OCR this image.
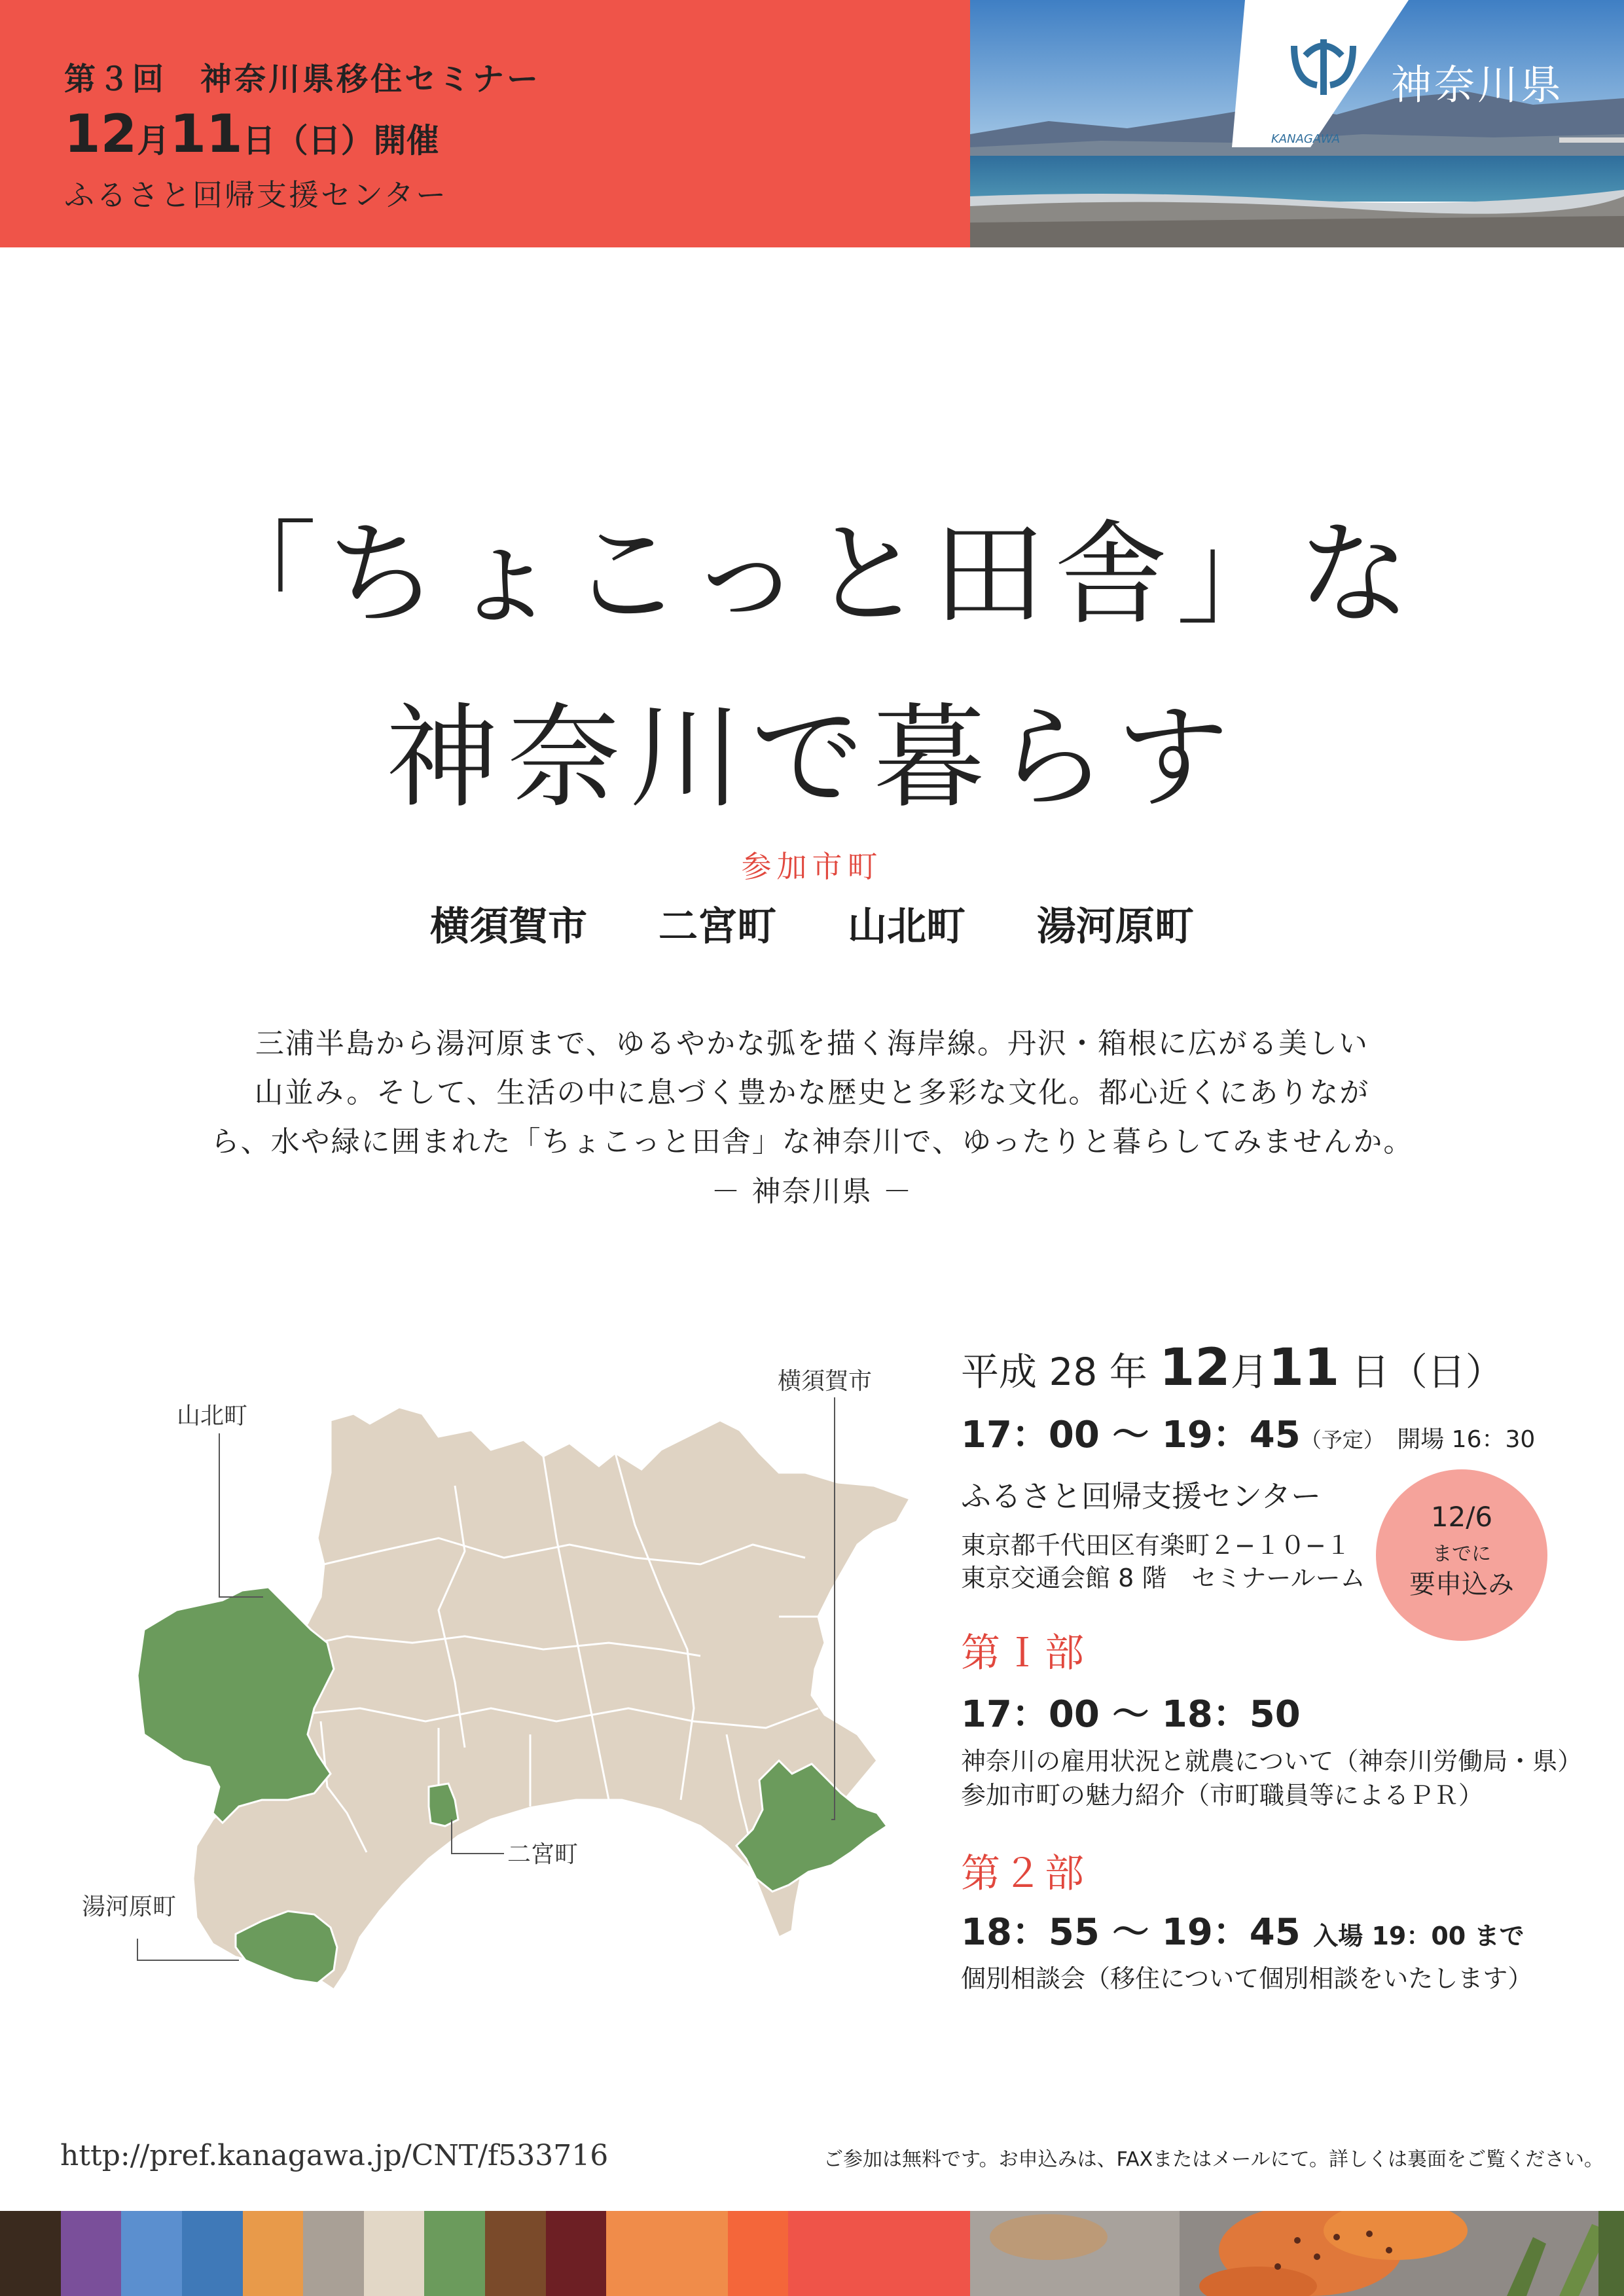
第３回　神奈川県移住セミナー
12月11日（日）開催
ふるさと回帰支援センター
KANAGAWA
神奈川県
「ちょこっと田舎」な
神奈川で暮らす
参加市町
横須賀市 二宮町 山北町 湯河原町
三浦半島から湯河原まで、ゆるやかな弧を描く海岸線。丹沢・箱根に広がる美しい
山並み。そして、生活の中に息づく豊かな歴史と多彩な文化。都心近くにありなが
ら、水や緑に囲まれた「ちょこっと田舎」な神奈川で、ゆったりと暮らしてみませんか。
－ 神奈川県 －
山北町
横須賀市
二宮町
湯河原町
平成 28 年 12月11 日（日）
17：00 〜 19：45（予定） 開場 16：30
ふるさと回帰支援センター
東京都千代田区有楽町２−１０−１
東京交通会館 8 階　セミナールーム
12/6
までに
要申込み
第Ｉ部
17：00 〜 18：50
神奈川の雇用状況と就農について（神奈川労働局・県）
参加市町の魅力紹介（市町職員等によるＰＲ）
第２部
18：55 〜 19：45 入場 19：00 まで
個別相談会（移住について個別相談をいたします）
http://pref.kanagawa.jp/CNT/f533716	ご参加は無料です。お申込みは、FAXまたはメールにて。詳しくは裏面をご覧ください。
